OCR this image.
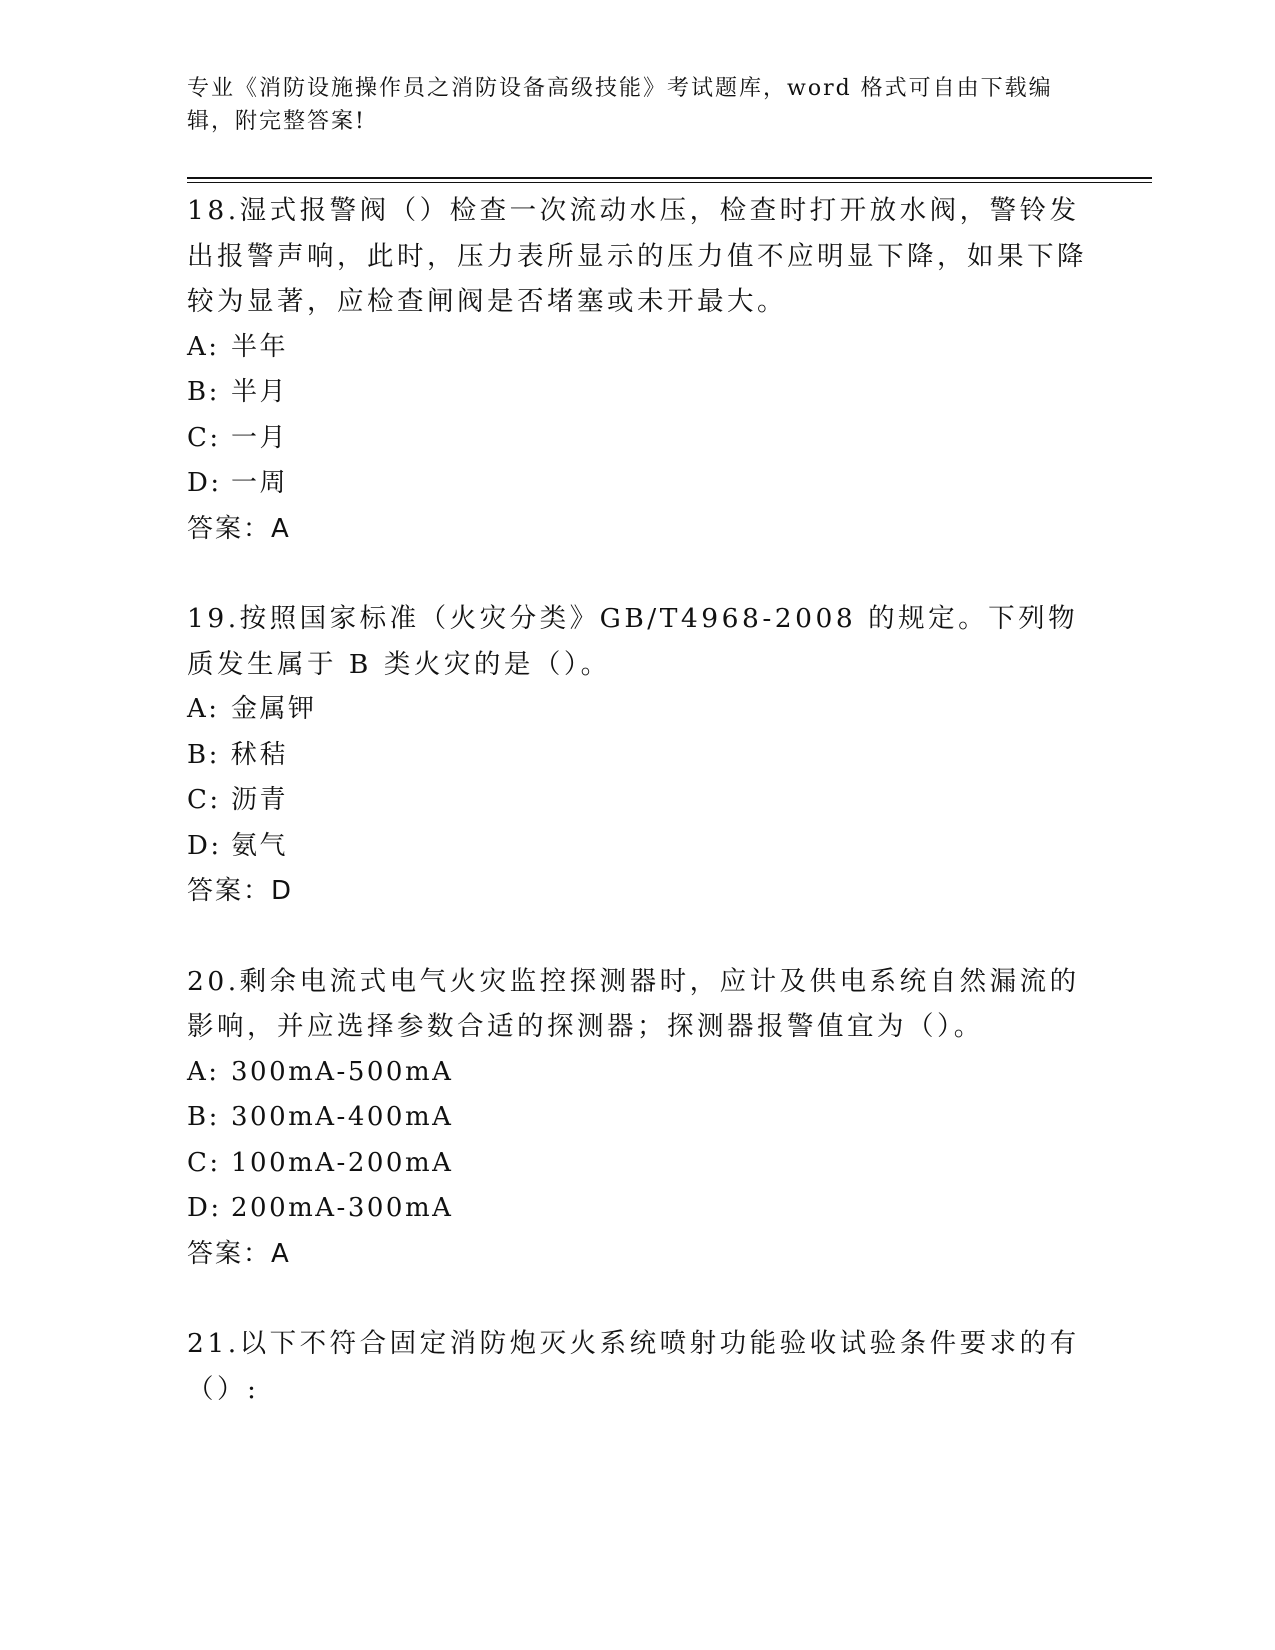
专业《消防设施操作员之消防设备高级技能》考试题库，word 格式可自由下载编辑，附完整答案!

18.湿式报警阀（）检查一次流动水压，检查时打开放水阀，警铃发出报警声响，此时，压力表所显示的压力值不应明显下降，如果下降较为显著，应检查闸阀是否堵塞或未开最大。

A: 半年
B: 半月
C: 一月
D: 一周
答案：A

19.按照国家标准（火灾分类》GB/T4968-2008 的规定。下列物质发生属于 B 类火灾的是（）。

A: 金属钾
B: 秫秸
C: 沥青
D: 氨气
答案：D

20.剩余电流式电气火灾监控探测器时，应计及供电系统自然漏流的影响，并应选择参数合适的探测器；探测器报警值宜为（）。

A: 300mA-500mA
B: 300mA-400mA
C: 100mA-200mA
D: 200mA-300mA
答案：A

21.以下不符合固定消防炮灭火系统喷射功能验收试验条件要求的有（）:
